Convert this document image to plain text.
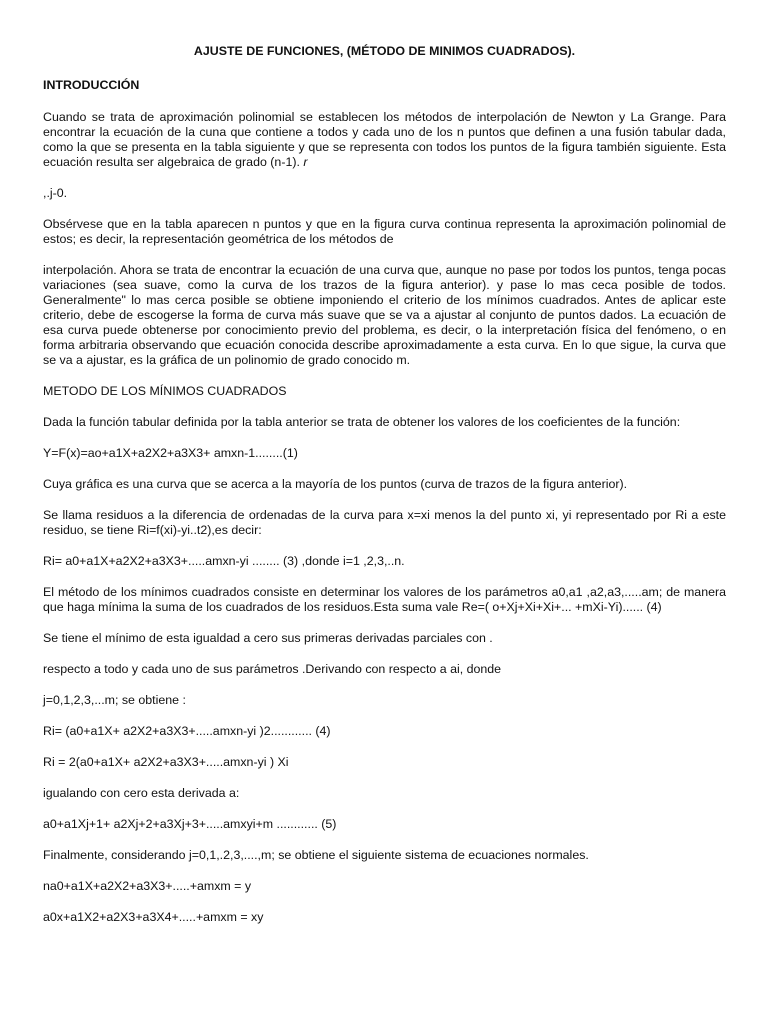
AJUSTE DE FUNCIONES, (MÉTODO DE MINIMOS CUADRADOS).

INTRODUCCIÓN

Cuando se trata de aproximación polinomial se establecen los métodos de interpolación de Newton y La Grange. Para encontrar la ecuación de la cuna que contiene a todos y cada uno de los n puntos que definen a una fusión tabular dada, como la que se presenta en la tabla siguiente y que se representa con todos los puntos de la figura también siguiente. Esta ecuación resulta ser algebraica de grado (n-1). r

,.j-0.

Obsérvese que en la tabla aparecen n puntos y que en la figura curva continua representa la aproximación polinomial de estos; es decir, la representación geométrica de los métodos de

interpolación. Ahora se trata de encontrar la ecuación de una curva que, aunque no pase por todos los puntos, tenga pocas variaciones (sea suave, como la curva de los trazos de la figura anterior). y pase lo mas ceca posible de todos. Generalmente" lo mas cerca posible se obtiene imponiendo el criterio de los mínimos cuadrados. Antes de aplicar este criterio, debe de escogerse la forma de curva más suave que se va a ajustar al conjunto de puntos dados. La ecuación de esa curva puede obtenerse por conocimiento previo del problema, es decir, o la interpretación física del fenómeno, o en forma arbitraria observando que ecuación conocida describe aproximadamente a esta curva. En lo que sigue, la curva que se va a ajustar, es la gráfica de un polinomio de grado conocido m.

METODO DE LOS MÍNIMOS CUADRADOS

Dada la función tabular definida por la tabla anterior se trata de obtener los valores de los coeficientes de la función:

Y=F(x)=ao+a1X+a2X2+a3X3+ amxn-1........(1)

Cuya gráfica es una curva que se acerca a la mayoría de los puntos (curva de trazos de la figura anterior).

Se llama residuos a la diferencia de ordenadas de la curva para x=xi menos la del punto xi, yi representado por Ri a este residuo, se tiene Ri=f(xi)-yi..t2),es decir:

Ri= a0+a1X+a2X2+a3X3+.....amxn-yi ........ (3) ,donde i=1 ,2,3,..n.

El método de los mínimos cuadrados consiste en determinar los valores de los parámetros a0,a1 ,a2,a3,.....am; de manera que haga mínima la suma de los cuadrados de los residuos.Esta suma vale Re=( o+Xj+Xi+Xi+... +mXi-Yi)...... (4)

Se tiene el mínimo de esta igualdad a cero sus primeras derivadas parciales con .

respecto a todo y cada uno de sus parámetros .Derivando con respecto a ai, donde

j=0,1,2,3,...m; se obtiene :

Ri= (a0+a1X+ a2X2+a3X3+.....amxn-yi )2............ (4)

Ri = 2(a0+a1X+ a2X2+a3X3+.....amxn-yi ) Xi

igualando con cero esta derivada a:

a0+a1Xj+1+ a2Xj+2+a3Xj+3+.....amxyi+m ............ (5)

Finalmente, considerando j=0,1,.2,3,....,m; se obtiene el siguiente sistema de ecuaciones normales.

na0+a1X+a2X2+a3X3+.....+amxm = y

a0x+a1X2+a2X3+a3X4+.....+amxm = xy
